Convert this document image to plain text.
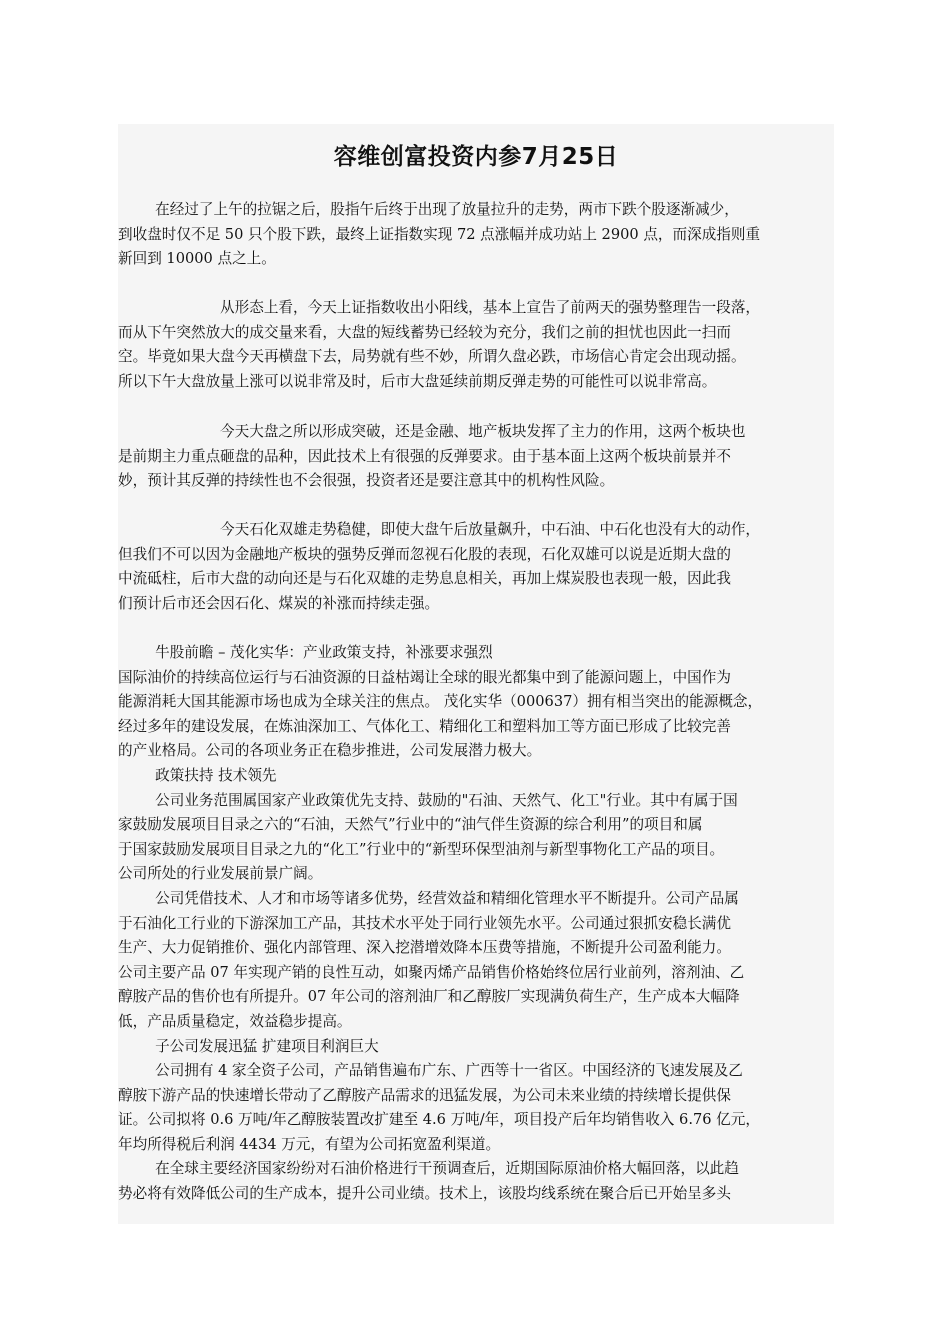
容维创富投资内参7月25日
在经过了上午的拉锯之后，股指午后终于出现了放量拉升的走势，两市下跌个股逐渐减少，
到收盘时仅不足 50 只个股下跌，最终上证指数实现 72 点涨幅并成功站上 2900 点，而深成指则重
新回到 10000 点之上。
从形态上看，今天上证指数收出小阳线，基本上宣告了前两天的强势整理告一段落，
而从下午突然放大的成交量来看，大盘的短线蓄势已经较为充分，我们之前的担忧也因此一扫而
空。毕竟如果大盘今天再横盘下去，局势就有些不妙，所谓久盘必跌，市场信心肯定会出现动摇。
所以下午大盘放量上涨可以说非常及时，后市大盘延续前期反弹走势的可能性可以说非常高。
今天大盘之所以形成突破，还是金融、地产板块发挥了主力的作用，这两个板块也
是前期主力重点砸盘的品种，因此技术上有很强的反弹要求。由于基本面上这两个板块前景并不
妙，预计其反弹的持续性也不会很强，投资者还是要注意其中的机构性风险。
今天石化双雄走势稳健，即使大盘午后放量飙升，中石油、中石化也没有大的动作，
但我们不可以因为金融地产板块的强势反弹而忽视石化股的表现，石化双雄可以说是近期大盘的
中流砥柱，后市大盘的动向还是与石化双雄的走势息息相关，再加上煤炭股也表现一般，因此我
们预计后市还会因石化、煤炭的补涨而持续走强。
牛股前瞻 – 茂化实华：产业政策支持，补涨要求强烈
国际油价的持续高位运行与石油资源的日益枯竭让全球的眼光都集中到了能源问题上，中国作为
能源消耗大国其能源市场也成为全球关注的焦点。 茂化实华（000637）拥有相当突出的能源概念，
经过多年的建设发展，在炼油深加工、气体化工、精细化工和塑料加工等方面已形成了比较完善
的产业格局。公司的各项业务正在稳步推进，公司发展潜力极大。
政策扶持 技术领先
公司业务范围属国家产业政策优先支持、鼓励的"石油、天然气、化工"行业。其中有属于国
家鼓励发展项目目录之六的“石油，天然气”行业中的“油气伴生资源的综合利用”的项目和属
于国家鼓励发展项目目录之九的“化工”行业中的“新型环保型油剂与新型事物化工产品的项目。
公司所处的行业发展前景广阔。
公司凭借技术、人才和市场等诸多优势，经营效益和精细化管理水平不断提升。公司产品属
于石油化工行业的下游深加工产品，其技术水平处于同行业领先水平。公司通过狠抓安稳长满优
生产、大力促销推价、强化内部管理、深入挖潜增效降本压费等措施，不断提升公司盈利能力。
公司主要产品 07 年实现产销的良性互动，如聚丙烯产品销售价格始终位居行业前列，溶剂油、乙
醇胺产品的售价也有所提升。07 年公司的溶剂油厂和乙醇胺厂实现满负荷生产，生产成本大幅降
低，产品质量稳定，效益稳步提高。
子公司发展迅猛 扩建项目利润巨大
公司拥有 4 家全资子公司，产品销售遍布广东、广西等十一省区。中国经济的飞速发展及乙
醇胺下游产品的快速增长带动了乙醇胺产品需求的迅猛发展，为公司未来业绩的持续增长提供保
证。公司拟将 0.6 万吨/年乙醇胺装置改扩建至 4.6 万吨/年，项目投产后年均销售收入 6.76 亿元，
年均所得税后利润 4434 万元，有望为公司拓宽盈利渠道。
在全球主要经济国家纷纷对石油价格进行干预调查后，近期国际原油价格大幅回落，以此趋
势必将有效降低公司的生产成本，提升公司业绩。技术上，该股均线系统在聚合后已开始呈多头
